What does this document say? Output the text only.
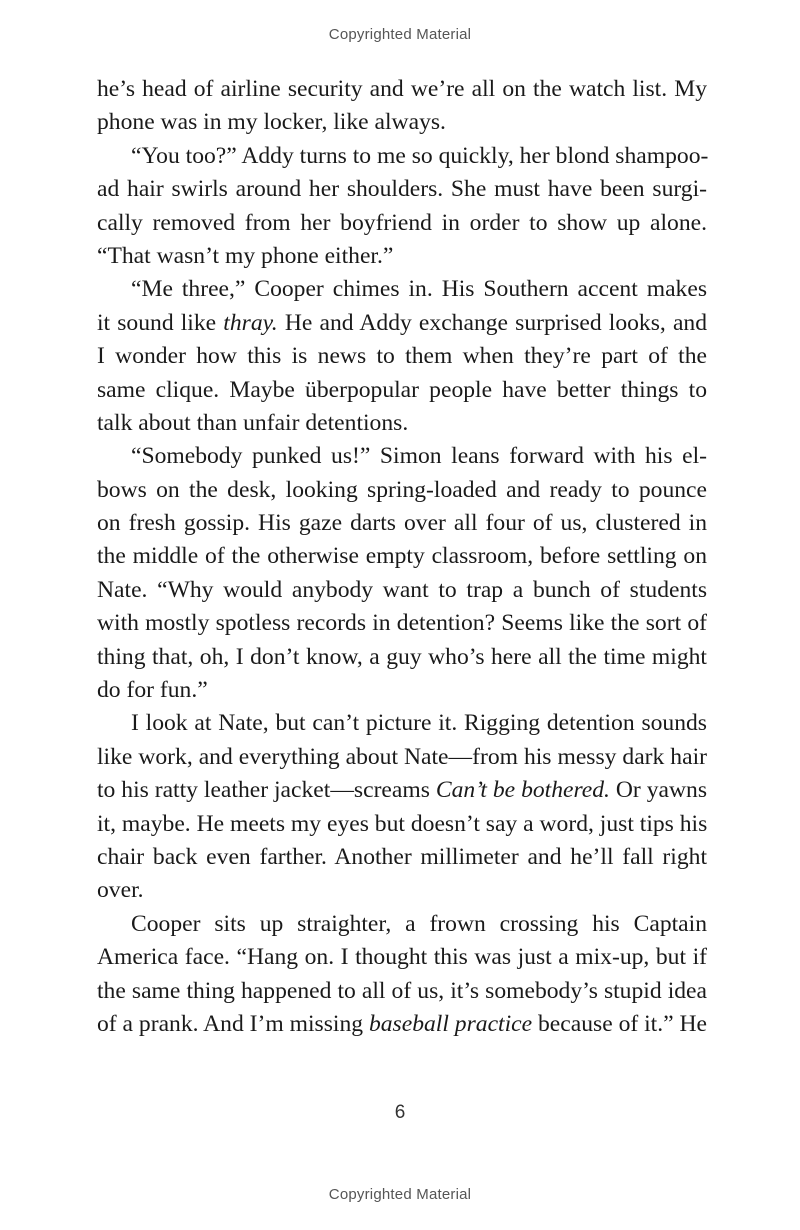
Copyrighted Material
he’s head of airline security and we’re all on the watch list. My
phone was in my locker, like always.
“You too?” Addy turns to me so quickly, her blond shampoo-
ad hair swirls around her shoulders. She must have been surgi-
cally removed from her boyfriend in order to show up alone.
“That wasn’t my phone either.”
“Me three,” Cooper chimes in. His Southern accent makes
it sound like thray. He and Addy exchange surprised looks, and
I wonder how this is news to them when they’re part of the
same clique. Maybe überpopular people have better things to
talk about than unfair detentions.
“Somebody punked us!” Simon leans forward with his el-
bows on the desk, looking spring-loaded and ready to pounce
on fresh gossip. His gaze darts over all four of us, clustered in
the middle of the otherwise empty classroom, before settling on
Nate. “Why would anybody want to trap a bunch of students
with mostly spotless records in detention? Seems like the sort of
thing that, oh, I don’t know, a guy who’s here all the time might
do for fun.”
I look at Nate, but can’t picture it. Rigging detention sounds
like work, and everything about Nate—from his messy dark hair
to his ratty leather jacket—screams Can’t be bothered. Or yawns
it, maybe. He meets my eyes but doesn’t say a word, just tips his
chair back even farther. Another millimeter and he’ll fall right
over.
Cooper sits up straighter, a frown crossing his Captain
America face. “Hang on. I thought this was just a mix-up, but if
the same thing happened to all of us, it’s somebody’s stupid idea
of a prank. And I’m missing baseball practice because of it.” He
6
Copyrighted Material
